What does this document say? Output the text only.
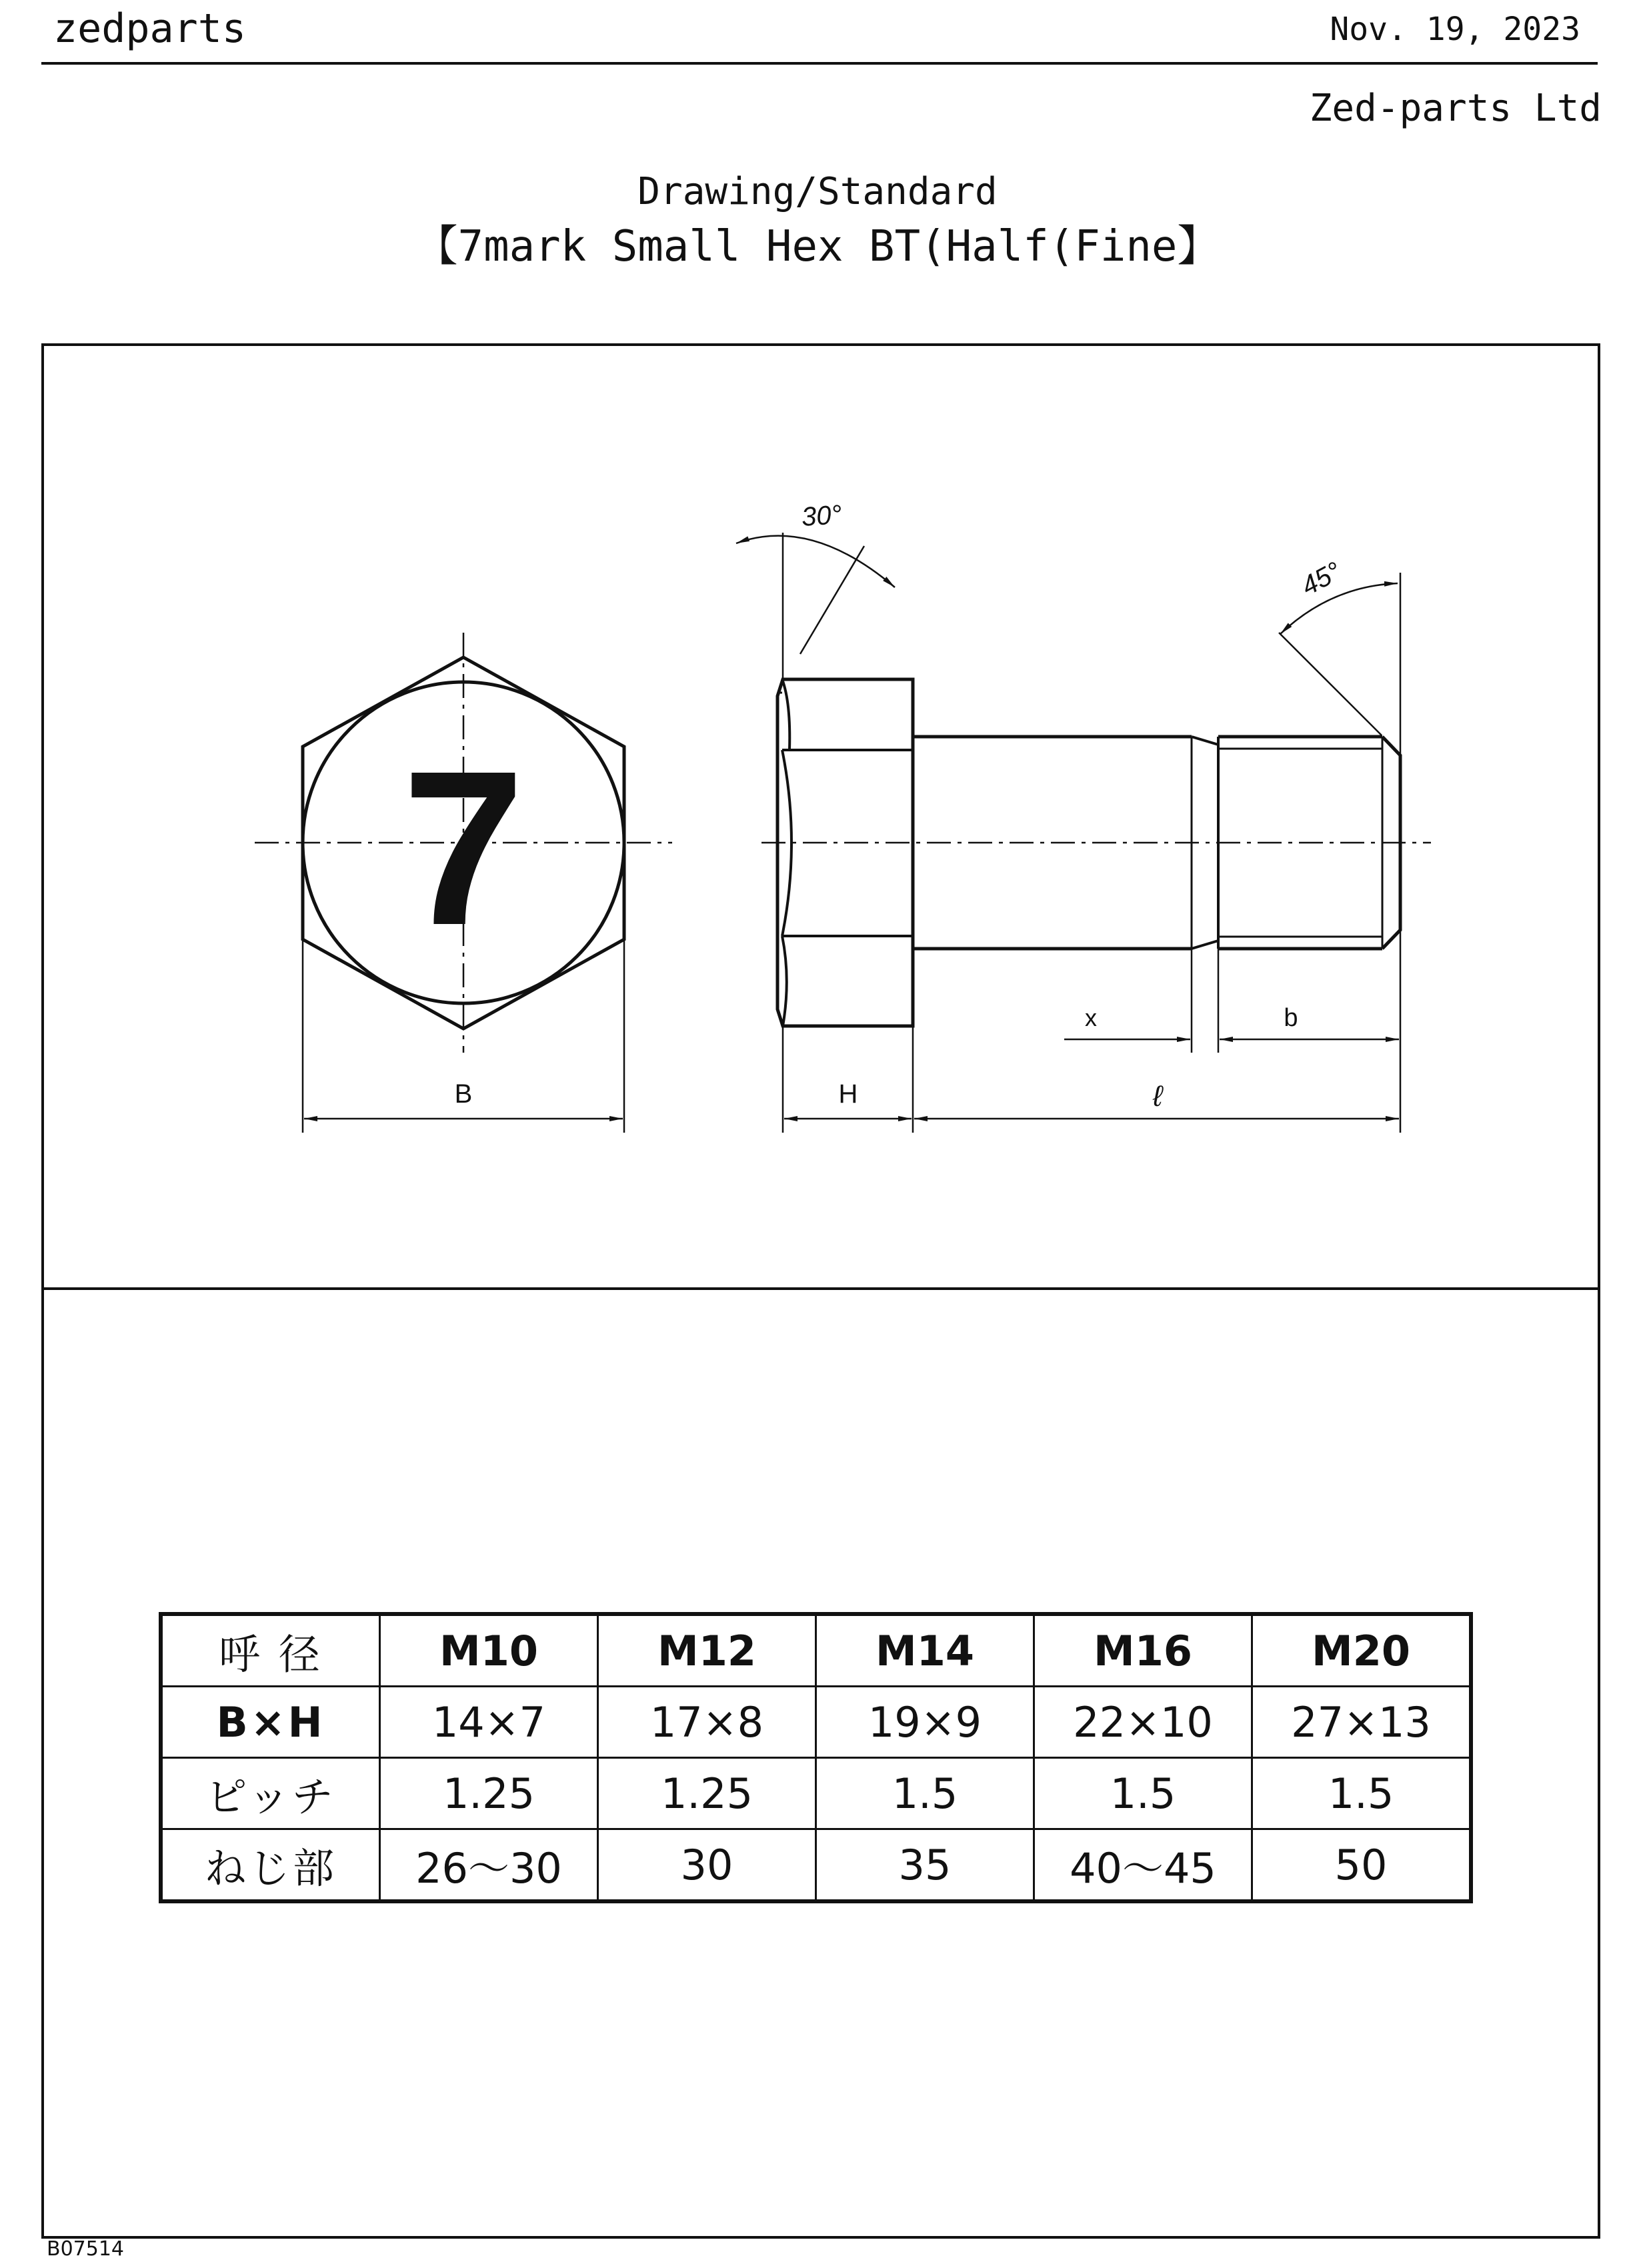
zedparts	Nov. 19, 2023
Zed-parts Ltd
Drawing/Standard
【7mark Small Hex BT(Half(Fine】
7
B	H	ℓ
x	b
30°
45°
呼 径	M10	M12	M14	M16	M20
B×H	14×7	17×8	19×9	22×10	27×13
ピッチ	1.25	1.25	1.5	1.5	1.5
ねじ部	26～30	30	35	40～45	50
B07514
